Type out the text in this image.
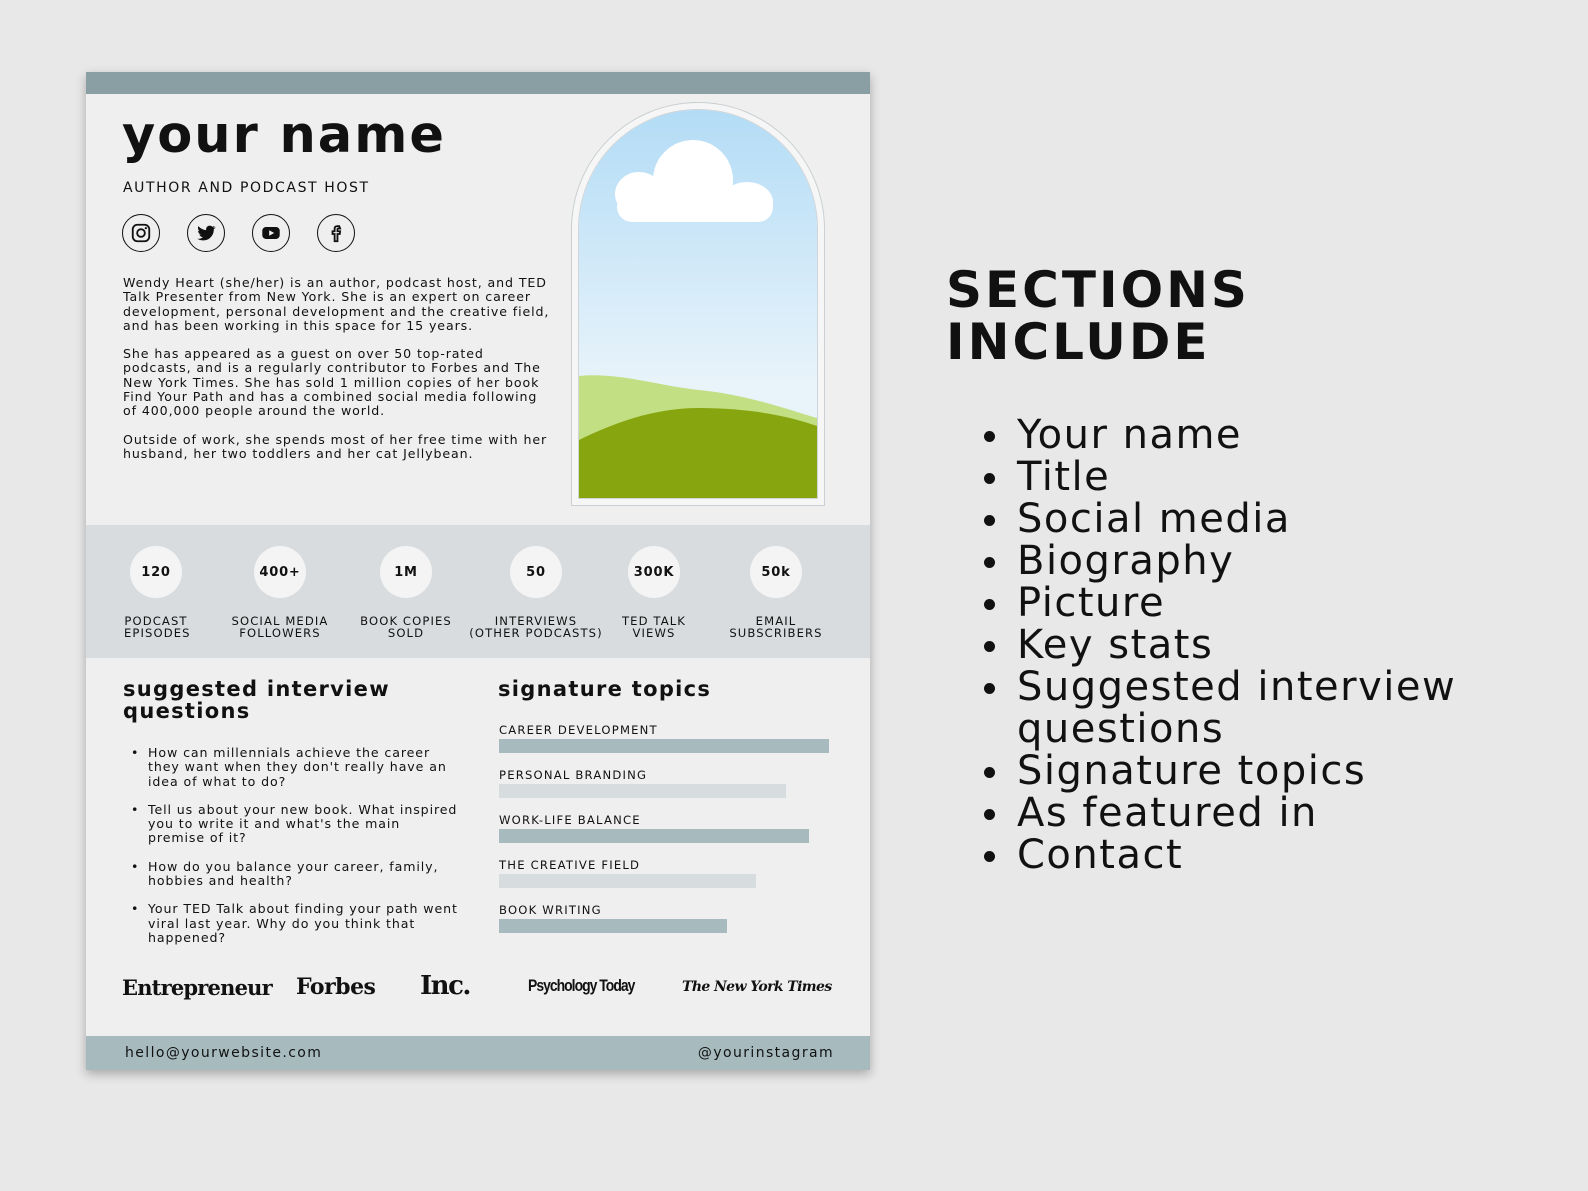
your name

AUTHOR AND PODCAST HOST

Wendy Heart (she/her) is an author, podcast host, and TED Talk Presenter from New York. She is an expert on career development, personal development and the creative field, and has been working in this space for 15 years.

She has appeared as a guest on over 50 top-rated podcasts, and is a regularly contributor to Forbes and The New York Times. She has sold 1 million copies of her book Find Your Path and has a combined social media following of 400,000 people around the world.

Outside of work, she spends most of her free time with her husband, her two toddlers and her cat Jellybean.

120
PODCAST EPISODES
400+
SOCIAL MEDIA FOLLOWERS
1M
BOOK COPIES SOLD
50
INTERVIEWS (OTHER PODCASTS)
300K
TED TALK VIEWS
50k
EMAIL SUBSCRIBERS
suggested interview questions
• How can millennials achieve the career they want when they don't really have an idea of what to do?
• Tell us about your new book. What inspired you to write it and what's the main premise of it?
• How do you balance your career, family, hobbies and health?
• Your TED Talk about finding your path went viral last year. Why do you think that happened?
signature topics
CAREER DEVELOPMENT
PERSONAL BRANDING
WORK-LIFE BALANCE
THE CREATIVE FIELD
BOOK WRITING
Entrepreneur Forbes Inc.	Psychology Today	The New York Times
hello@yourwebsite.com	@yourinstagram
SECTIONS
INCLUDE
Your name
Title
Social media
Biography
Picture
Key stats
Suggested interview questions
Signature topics
As featured in
Contact
